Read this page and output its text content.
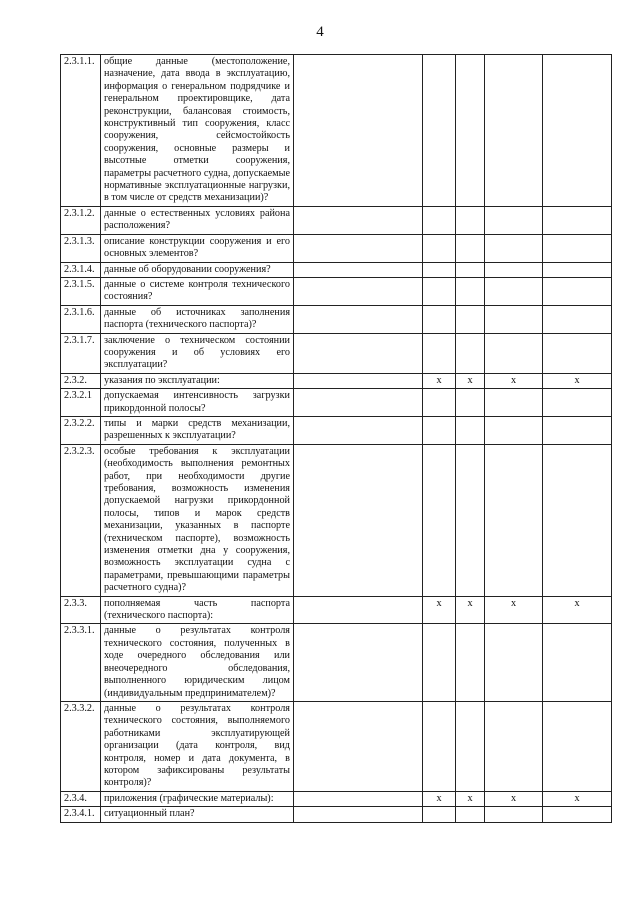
4
2.3.1.1.	общие данные (местоположение, назначение, дата ввода в эксплуатацию, информация о генеральном подрядчике и генеральном проектировщике, дата реконструкции, балансовая стоимость, конструктивный тип сооружения, класс сооружения, сейсмостойкость сооружения, основные размеры и высотные отметки сооружения, параметры расчетного судна, допускаемые нормативные эксплуатационные нагрузки, в том числе от средств механизации)?					
2.3.1.2.	данные о естественных условиях района расположения?					
2.3.1.3.	описание конструкции сооружения и его основных элементов?					
2.3.1.4.	данные об оборудовании сооружения?					
2.3.1.5.	данные о системе контроля технического состояния?					
2.3.1.6.	данные об источниках заполнения паспорта (технического паспорта)?					
2.3.1.7.	заключение о техническом состоянии сооружения и об условиях его эксплуатации?					
2.3.2.	указания по эксплуатации:		x	x	x	x
2.3.2.1	допускаемая интенсивность загрузки прикордонной полосы?					
2.3.2.2.	типы и марки средств механизации, разрешенных к эксплуатации?					
2.3.2.3.	особые требования к эксплуатации (необходимость выполнения ремонтных работ, при необходимости другие требования, возможность изменения допускаемой нагрузки прикордонной полосы, типов и марок средств механизации, указанных в паспорте (техническом паспорте), возможность изменения отметки дна у сооружения, возможность эксплуатации судна с параметрами, превышающими параметры расчетного судна)?					
2.3.3.	пополняемая часть паспорта (технического паспорта):		x	x	x	x
2.3.3.1.	данные о результатах контроля технического состояния, полученных в ходе очередного обследования или внеочередного обследования, выполненного юридическим лицом (индивидуальным предпринимателем)?					
2.3.3.2.	данные о результатах контроля технического состояния, выполняемого работниками эксплуатирующей организации (дата контроля, вид контроля, номер и дата документа, в котором зафиксированы результаты контроля)?					
2.3.4.	приложения (графические материалы):		x	x	x	x
2.3.4.1.	ситуационный план?					
